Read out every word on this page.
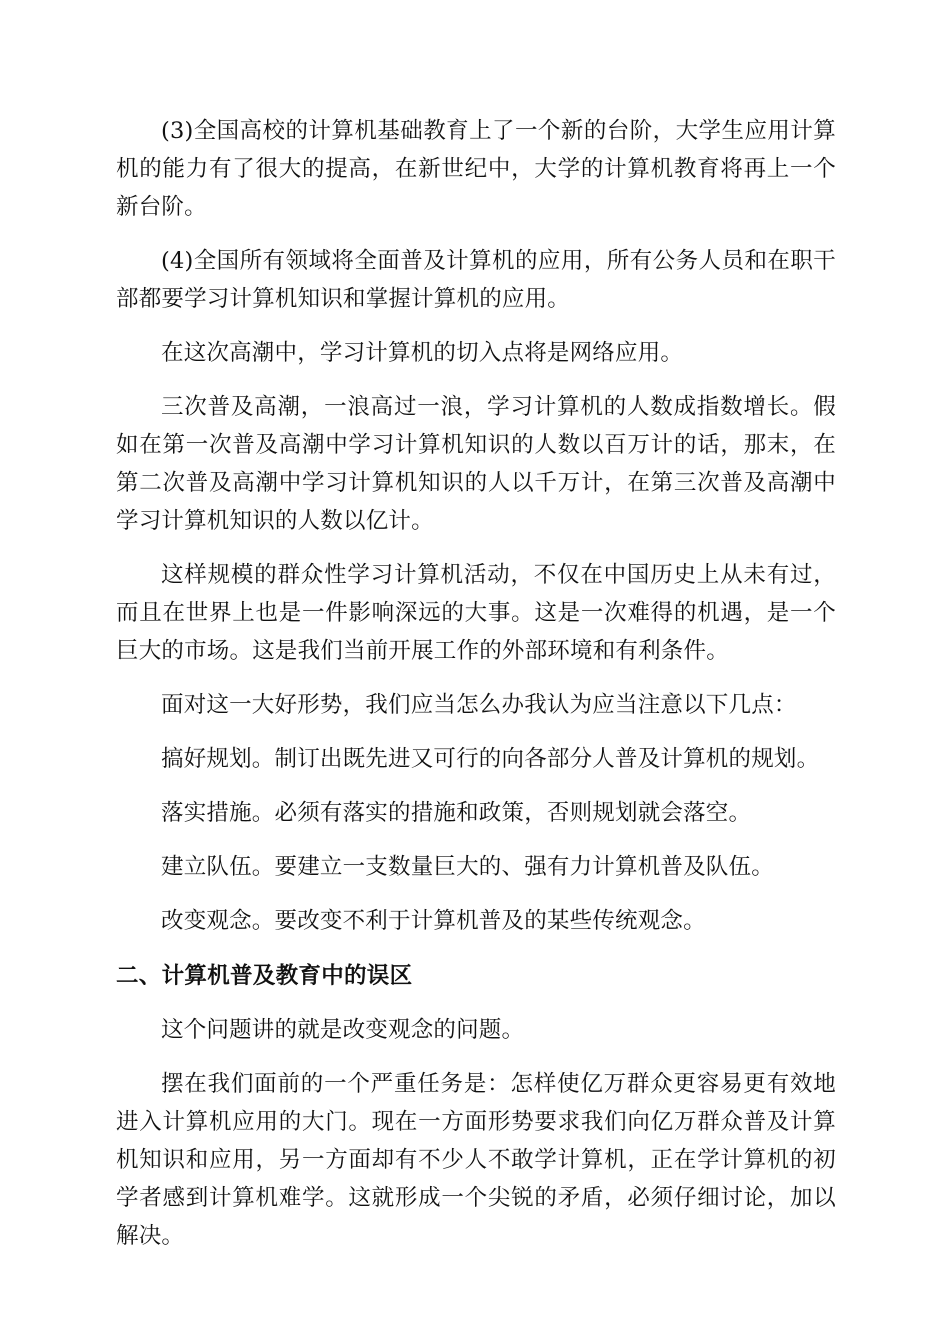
(3)全国高校的计算机基础教育上了一个新的台阶，大学生应用计算机的能力有了很大的提高，在新世纪中，大学的计算机教育将再上一个新台阶。

(4)全国所有领域将全面普及计算机的应用，所有公务人员和在职干部都要学习计算机知识和掌握计算机的应用。

在这次高潮中，学习计算机的切入点将是网络应用。

三次普及高潮，一浪高过一浪，学习计算机的人数成指数增长。假如在第一次普及高潮中学习计算机知识的人数以百万计的话，那末，在第二次普及高潮中学习计算机知识的人以千万计，在第三次普及高潮中学习计算机知识的人数以亿计。

这样规模的群众性学习计算机活动，不仅在中国历史上从未有过，而且在世界上也是一件影响深远的大事。这是一次难得的机遇，是一个巨大的市场。这是我们当前开展工作的外部环境和有利条件。

面对这一大好形势，我们应当怎么办我认为应当注意以下几点：

搞好规划。制订出既先进又可行的向各部分人普及计算机的规划。

落实措施。必须有落实的措施和政策，否则规划就会落空。

建立队伍。要建立一支数量巨大的、强有力计算机普及队伍。

改变观念。要改变不利于计算机普及的某些传统观念。

二、计算机普及教育中的误区

这个问题讲的就是改变观念的问题。

摆在我们面前的一个严重任务是：怎样使亿万群众更容易更有效地进入计算机应用的大门。现在一方面形势要求我们向亿万群众普及计算机知识和应用，另一方面却有不少人不敢学计算机，正在学计算机的初学者感到计算机难学。这就形成一个尖锐的矛盾，必须仔细讨论，加以解决。
